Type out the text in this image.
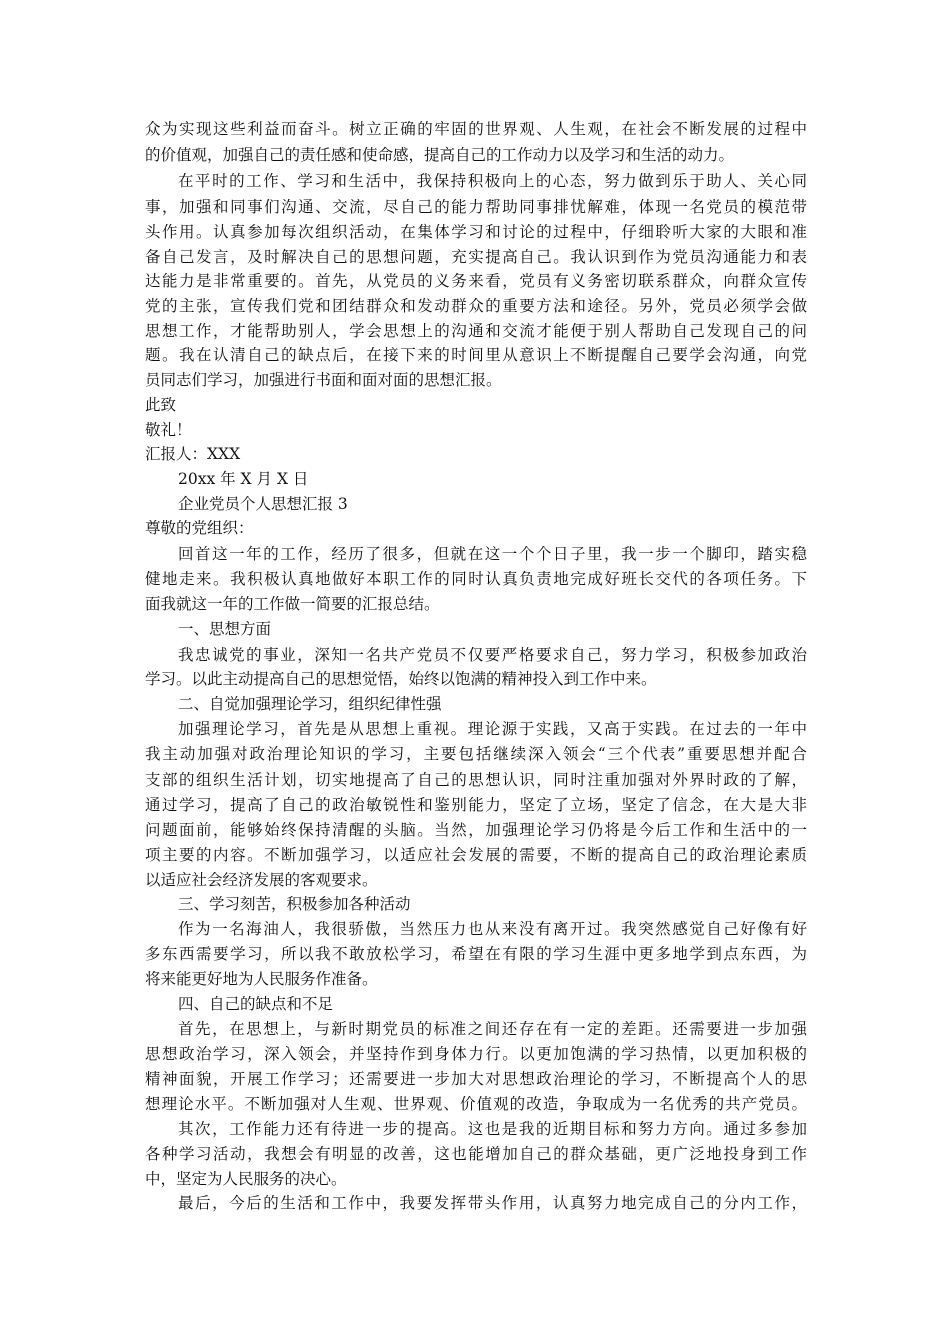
众为实现这些利益而奋斗。树立正确的牢固的世界观、人生观，在社会不断发展的过程中
的价值观，加强自己的责任感和使命感，提高自己的工作动力以及学习和生活的动力。
在平时的工作、学习和生活中，我保持积极向上的心态，努力做到乐于助人、关心同
事，加强和同事们沟通、交流，尽自己的能力帮助同事排忧解难，体现一名党员的模范带
头作用。认真参加每次组织活动，在集体学习和讨论的过程中，仔细聆听大家的大眼和准
备自己发言，及时解决自己的思想问题，充实提高自己。我认识到作为党员沟通能力和表
达能力是非常重要的。首先，从党员的义务来看，党员有义务密切联系群众，向群众宣传
党的主张，宣传我们党和团结群众和发动群众的重要方法和途径。另外，党员必须学会做
思想工作，才能帮助别人，学会思想上的沟通和交流才能便于别人帮助自己发现自己的问
题。我在认清自己的缺点后，在接下来的时间里从意识上不断提醒自己要学会沟通，向党
员同志们学习，加强进行书面和面对面的思想汇报。
此致
敬礼！
汇报人：XXX
20xx 年 X 月 X 日
企业党员个人思想汇报 3
尊敬的党组织：
回首这一年的工作，经历了很多，但就在这一个个日子里，我一步一个脚印，踏实稳
健地走来。我积极认真地做好本职工作的同时认真负责地完成好班长交代的各项任务。下
面我就这一年的工作做一简要的汇报总结。
一、思想方面
我忠诚党的事业，深知一名共产党员不仅要严格要求自己，努力学习，积极参加政治
学习。以此主动提高自己的思想觉悟，始终以饱满的精神投入到工作中来。
二、自觉加强理论学习，组织纪律性强
加强理论学习，首先是从思想上重视。理论源于实践，又高于实践。在过去的一年中
我主动加强对政治理论知识的学习，主要包括继续深入领会“三个代表”重要思想并配合
支部的组织生活计划，切实地提高了自己的思想认识，同时注重加强对外界时政的了解，
通过学习，提高了自己的政治敏锐性和鉴别能力，坚定了立场，坚定了信念，在大是大非
问题面前，能够始终保持清醒的头脑。当然，加强理论学习仍将是今后工作和生活中的一
项主要的内容。不断加强学习，以适应社会发展的需要，不断的提高自己的政治理论素质
以适应社会经济发展的客观要求。
三、学习刻苦，积极参加各种活动
作为一名海油人，我很骄傲，当然压力也从来没有离开过。我突然感觉自己好像有好
多东西需要学习，所以我不敢放松学习，希望在有限的学习生涯中更多地学到点东西，为
将来能更好地为人民服务作准备。
四、自己的缺点和不足
首先，在思想上，与新时期党员的标准之间还存在有一定的差距。还需要进一步加强
思想政治学习，深入领会，并坚持作到身体力行。以更加饱满的学习热情，以更加积极的
精神面貌，开展工作学习；还需要进一步加大对思想政治理论的学习，不断提高个人的思
想理论水平。不断加强对人生观、世界观、价值观的改造，争取成为一名优秀的共产党员。
其次，工作能力还有待进一步的提高。这也是我的近期目标和努力方向。通过多参加
各种学习活动，我想会有明显的改善，这也能增加自己的群众基础，更广泛地投身到工作
中，坚定为人民服务的决心。
最后，今后的生活和工作中，我要发挥带头作用，认真努力地完成自己的分内工作，
